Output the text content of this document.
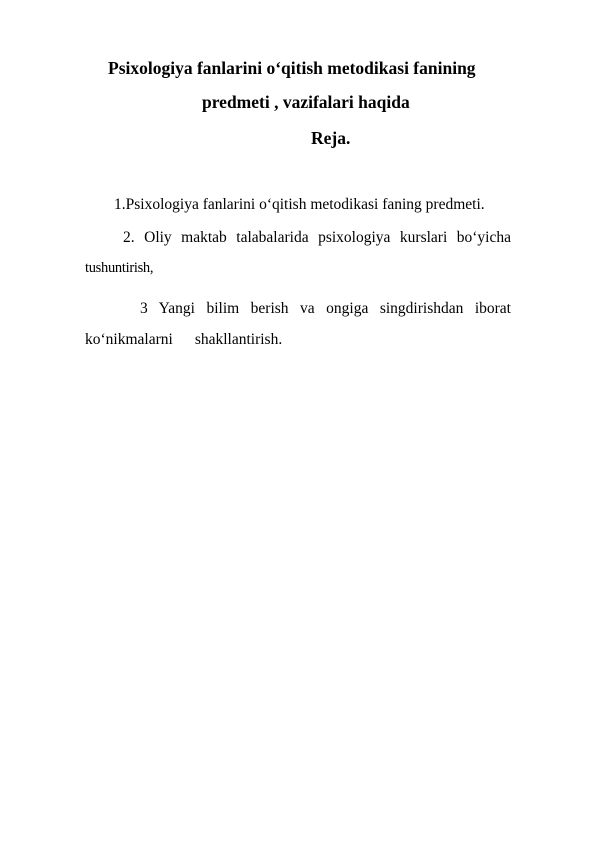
Psixologiya fanlarini o‘qitish metodikasi fanining
predmeti , vazifalari haqida
Reja.
1.Psixologiya fanlarini o‘qitish metodikasi faning predmeti.
2. Oliy maktab talabalarida psixologiya kurslari bo‘yicha
tushuntirish,
3 Yangi bilim berish va ongiga singdirishdan iborat
ko‘nikmalarni shakllantirish.
